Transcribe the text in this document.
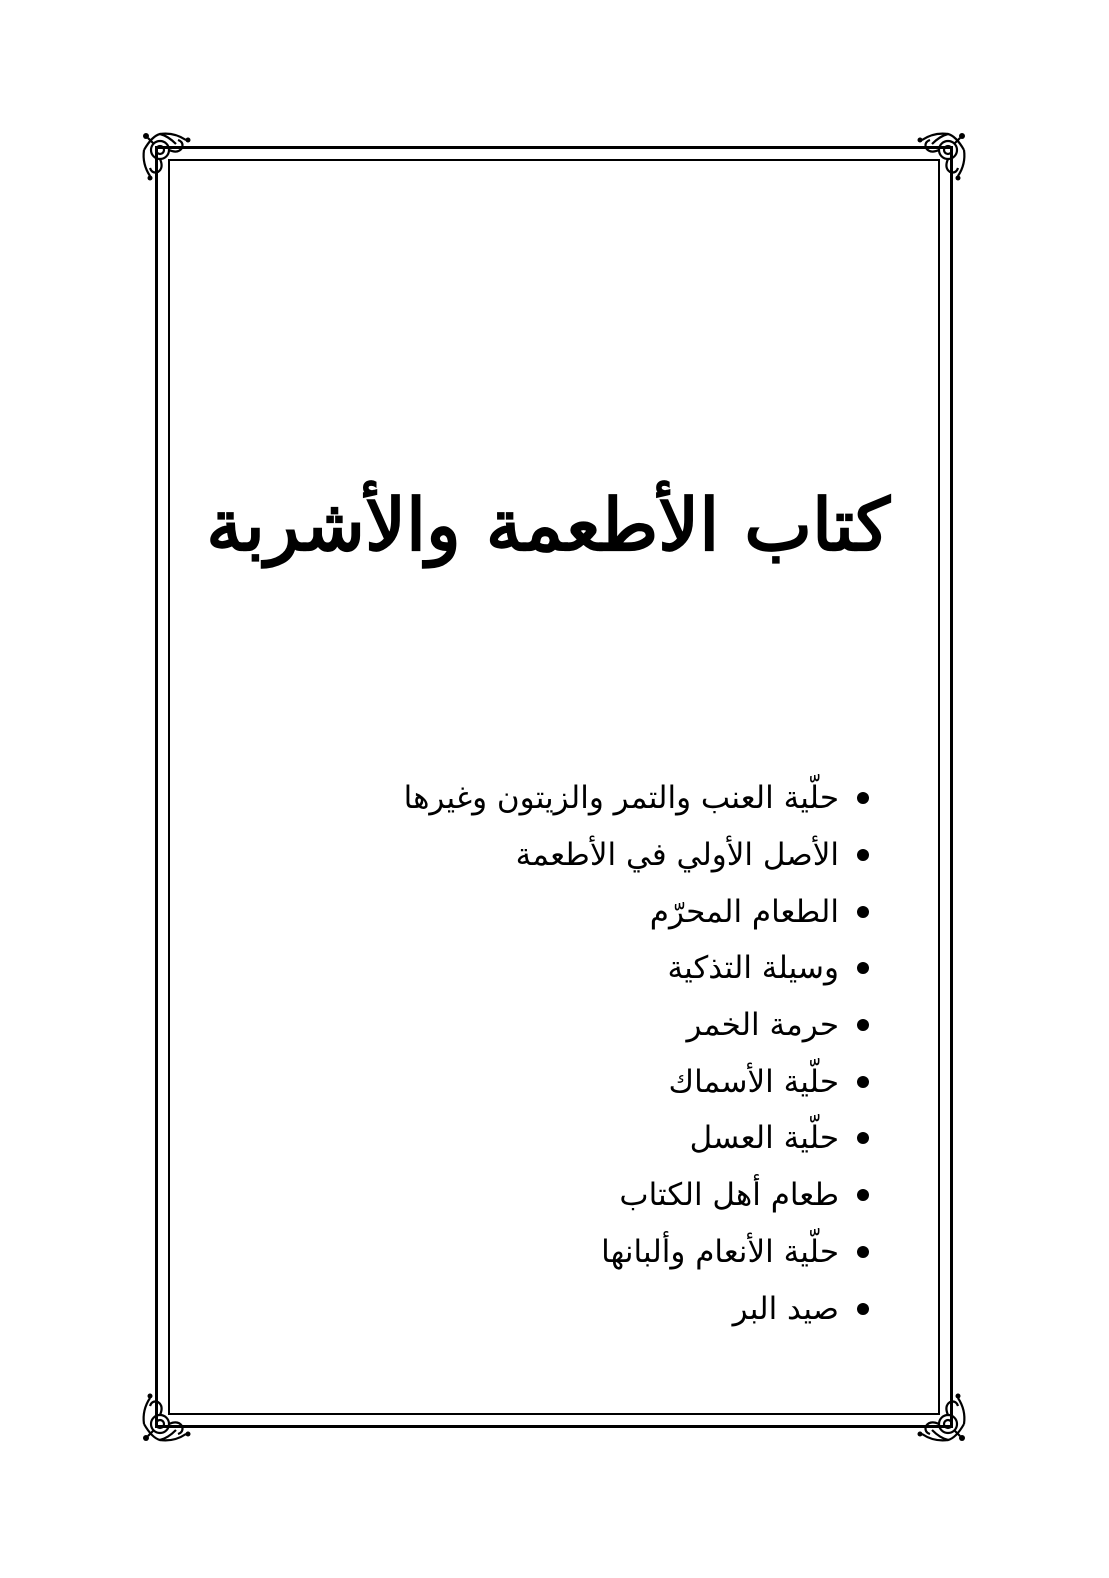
كتاب الأطعمة والأشربة
حلّية العنب والتمر والزيتون وغيرها
الأصل الأولي في الأطعمة
الطعام المحرّم
وسيلة التذكية
حرمة الخمر
حلّية الأسماك
حلّية العسل
طعام أهل الكتاب
حلّية الأنعام وألبانها
صيد البر
